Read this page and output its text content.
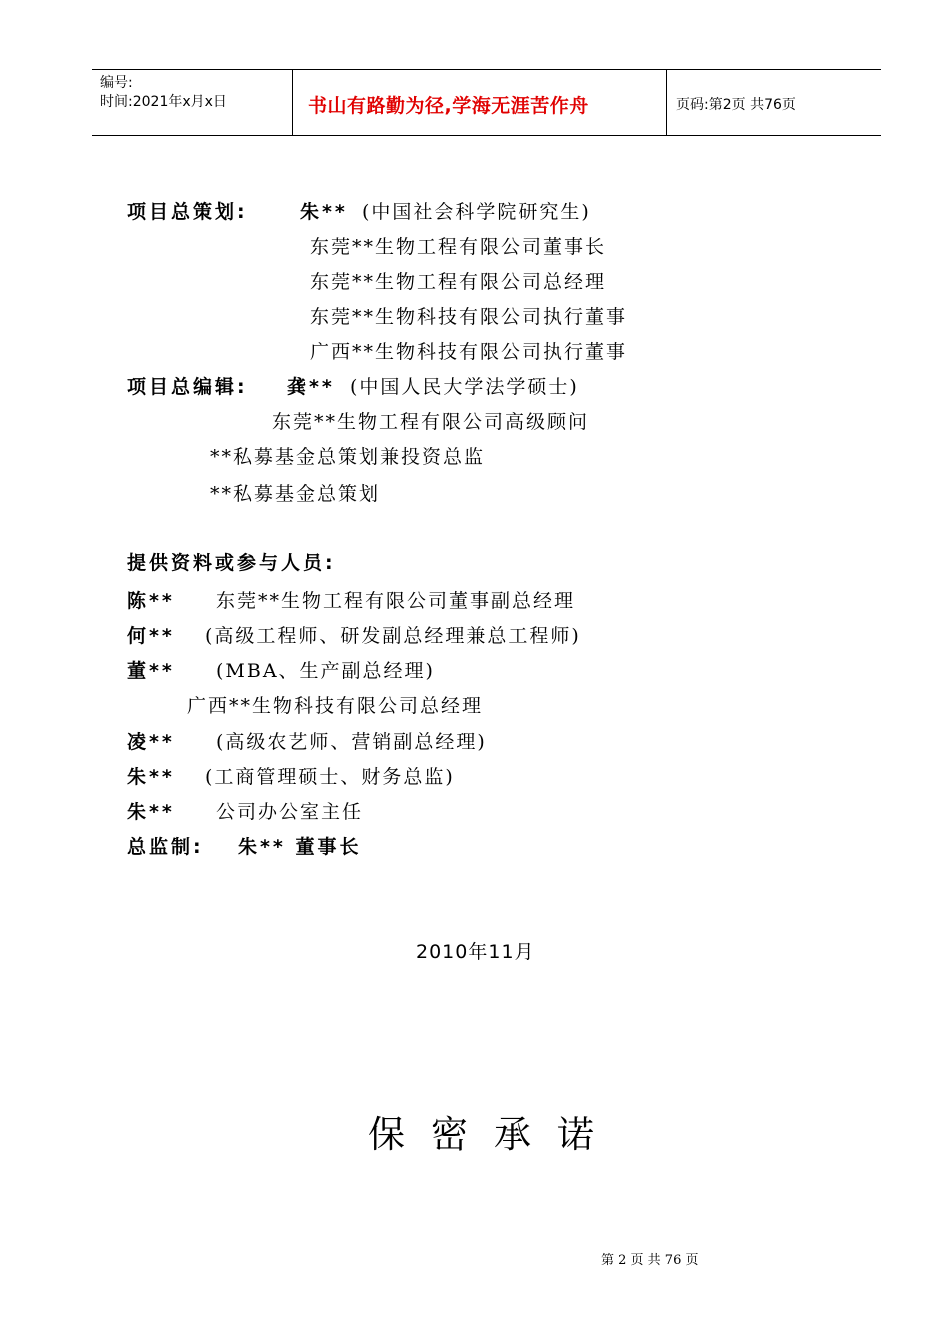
编号:
时间:2021年x月x日	书山有路勤为径,学海无涯苦作舟	页码:第2页 共76页
项目总策划:	朱** (中国社会科学院研究生)
东莞**生物工程有限公司董事长
东莞**生物工程有限公司总经理
东莞**生物科技有限公司执行董事
广西**生物科技有限公司执行董事
项目总编辑: 龚** (中国人民大学法学硕士)
东莞**生物工程有限公司高级顾问
**私募基金总策划兼投资总监
**私募基金总策划
提供资料或参与人员:
陈** 东莞**生物工程有限公司董事副总经理
何** (高级工程师、研发副总经理兼总工程师)
董** (MBA、生产副总经理)
广西**生物科技有限公司总经理
凌** (高级农艺师、营销副总经理)
朱** (工商管理硕士、财务总监)
朱** 公司办公室主任
总监制: 朱** 董事长
2010年11月
保密承诺
第 2 页 共 76 页
